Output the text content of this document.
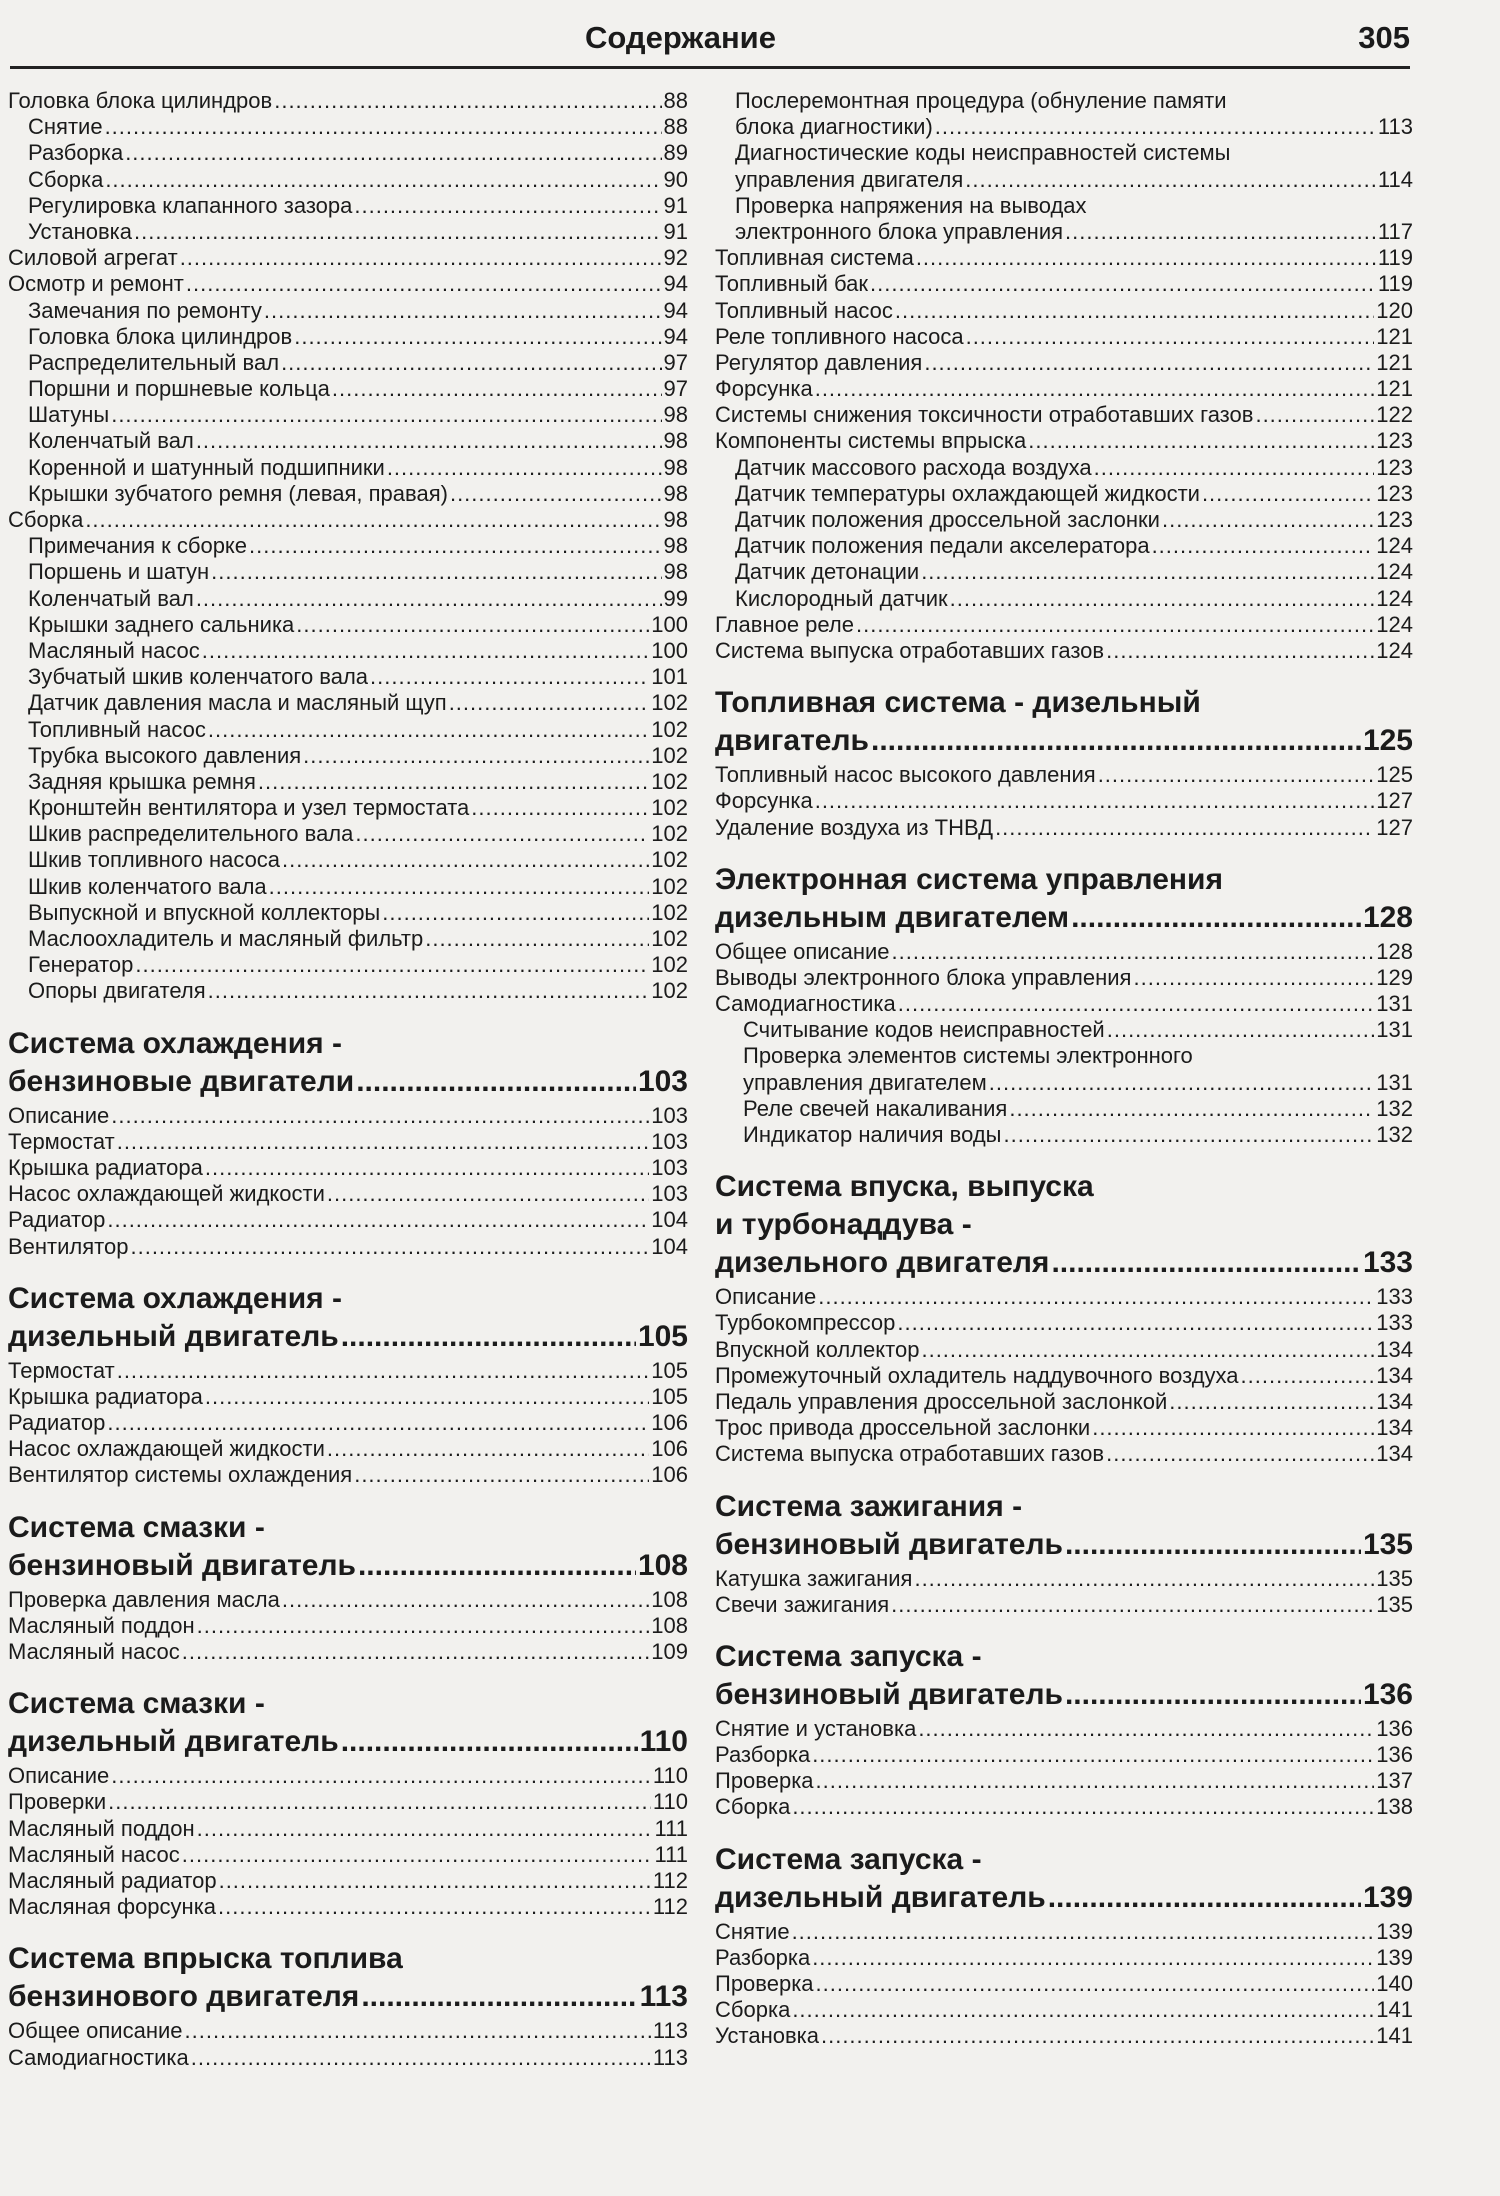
Содержание	305
Головка блока цилиндров .....	88
Снятие .....	88
Разборка .....	89
Сборка .....	90
Регулировка клапанного зазора .....	91
Установка .....	91
Силовой агрегат .....	92
Осмотр и ремонт .....	94
Замечания по ремонту .....	94
Головка блока цилиндров .....	94
Распределительный вал .....	97
Поршни и поршневые кольца .....	97
Шатуны .....	98
Коленчатый вал .....	98
Коренной и шатунный подшипники .....	98
Крышки зубчатого ремня (левая, правая) .....	98
Сборка .....	98
Примечания к сборке .....	98
Поршень и шатун .....	98
Коленчатый вал .....	99
Крышки заднего сальника .....	100
Масляный насос .....	100
Зубчатый шкив коленчатого вала .....	101
Датчик давления масла и масляный щуп .....	102
Топливный насос .....	102
Трубка высокого давления .....	102
Задняя крышка ремня .....	102
Кронштейн вентилятора и узел термостата .....	102
Шкив распределительного вала .....	102
Шкив топливного насоса .....	102
Шкив коленчатого вала .....	102
Выпускной и впускной коллекторы .....	102
Маслоохладитель и масляный фильтр .....	102
Генератор .....	102
Опоры двигателя .....	102
Система охлаждения -
бензиновые двигатели .....	103
Описание .....	103
Термостат .....	103
Крышка радиатора .....	103
Насос охлаждающей жидкости .....	103
Радиатор .....	104
Вентилятор .....	104
Система охлаждения -
дизельный двигатель .....	105
Термостат .....	105
Крышка радиатора .....	105
Радиатор .....	106
Насос охлаждающей жидкости .....	106
Вентилятор системы охлаждения .....	106
Система смазки -
бензиновый двигатель .....	108
Проверка давления масла .....	108
Масляный поддон .....	108
Масляный насос .....	109
Система смазки -
дизельный двигатель .....	110
Описание .....	110
Проверки .....	110
Масляный поддон .....	111
Масляный насос .....	111
Масляный радиатор .....	112
Масляная форсунка .....	112
Система впрыска топлива
бензинового двигателя .....	113
Общее описание .....	113
Самодиагностика .....	113
Послеремонтная процедура (обнуление памяти
блока диагностики) .....	113
Диагностические коды неисправностей системы
управления двигателя .....	114
Проверка напряжения на выводах
электронного блока управления .....	117
Топливная система .....	119
Топливный бак .....	119
Топливный насос .....	120
Реле топливного насоса .....	121
Регулятор давления .....	121
Форсунка .....	121
Системы снижения токсичности отработавших газов .....	122
Компоненты системы впрыска .....	123
Датчик массового расхода воздуха .....	123
Датчик температуры охлаждающей жидкости .....	123
Датчик положения дроссельной заслонки .....	123
Датчик положения педали акселератора .....	124
Датчик детонации .....	124
Кислородный датчик .....	124
Главное реле .....	124
Система выпуска отработавших газов .....	124
Топливная система - дизельный
двигатель .....	125
Топливный насос высокого давления .....	125
Форсунка .....	127
Удаление воздуха из ТНВД .....	127
Электронная система управления
дизельным двигателем .....	128
Общее описание .....	128
Выводы электронного блока управления .....	129
Самодиагностика .....	131
Считывание кодов неисправностей .....	131
Проверка элементов системы электронного
управления двигателем .....	131
Реле свечей накаливания .....	132
Индикатор наличия воды .....	132
Система впуска, выпуска
и турбонаддува -
дизельного двигателя .....	133
Описание .....	133
Турбокомпрессор .....	133
Впускной коллектор .....	134
Промежуточный охладитель наддувочного воздуха .....	134
Педаль управления дроссельной заслонкой .....	134
Трос привода дроссельной заслонки .....	134
Система выпуска отработавших газов .....	134
Система зажигания -
бензиновый двигатель .....	135
Катушка зажигания .....	135
Свечи зажигания .....	135
Система запуска -
бензиновый двигатель .....	136
Снятие и установка .....	136
Разборка .....	136
Проверка .....	137
Сборка .....	138
Система запуска -
дизельный двигатель .....	139
Снятие .....	139
Разборка .....	139
Проверка .....	140
Сборка .....	141
Установка .....	141
